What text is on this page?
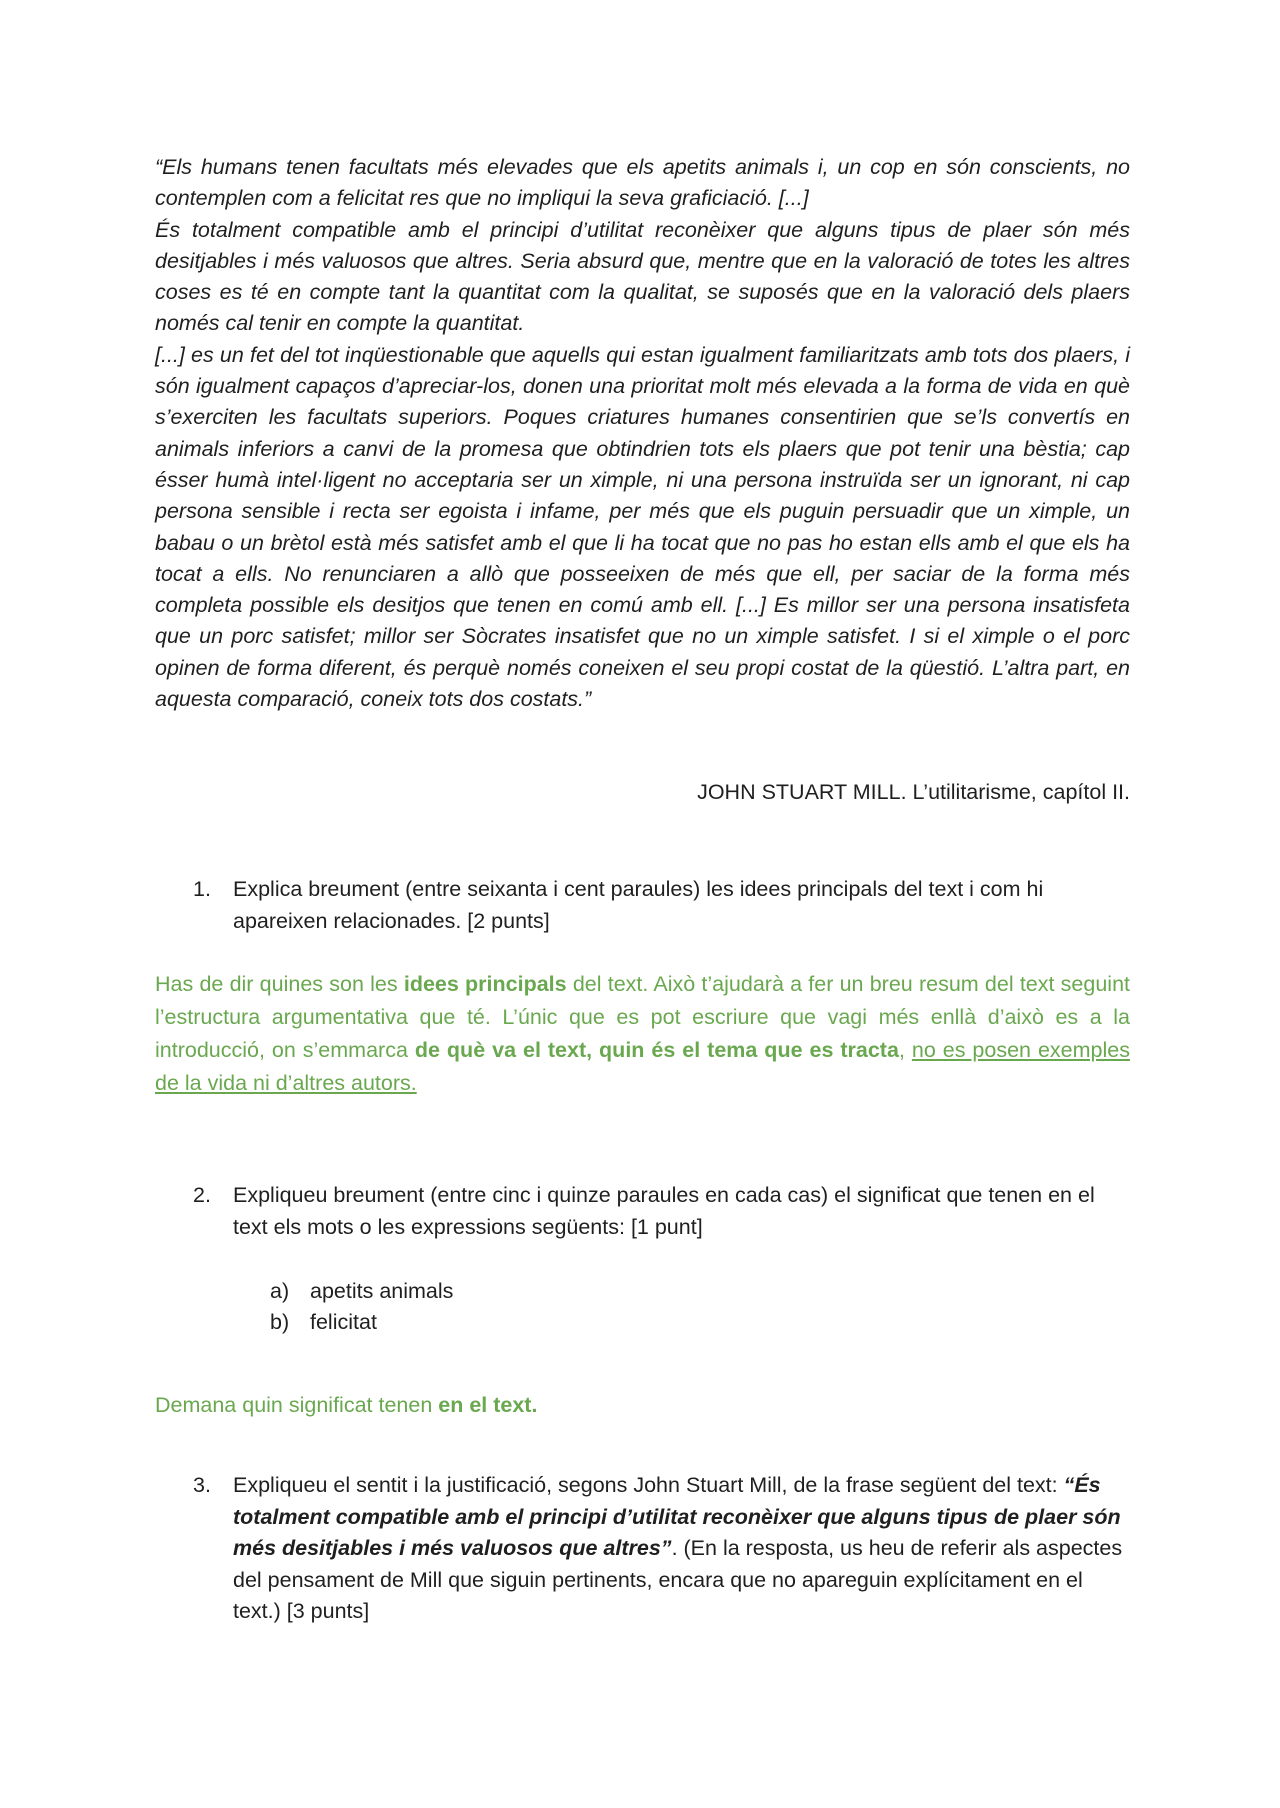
“Els humans tenen facultats més elevades que els apetits animals i, un cop en són conscients, no contemplen com a felicitat res que no impliqui la seva graficiació. [...]

És totalment compatible amb el principi d’utilitat reconèixer que alguns tipus de plaer són més desitjables i més valuosos que altres. Seria absurd que, mentre que en la valoració de totes les altres coses es té en compte tant la quantitat com la qualitat, se suposés que en la valoració dels plaers només cal tenir en compte la quantitat.

[...] es un fet del tot inqüestionable que aquells qui estan igualment familiaritzats amb tots dos plaers, i són igualment capaços d’apreciar-los, donen una prioritat molt més elevada a la forma de vida en què s’exerciten les facultats superiors. Poques criatures humanes consentirien que se’ls convertís en animals inferiors a canvi de la promesa que obtindrien tots els plaers que pot tenir una bèstia; cap ésser humà intel·ligent no acceptaria ser un ximple, ni una persona instruïda ser un ignorant, ni cap persona sensible i recta ser egoista i infame, per més que els puguin persuadir que un ximple, un babau o un brètol està més satisfet amb el que li ha tocat que no pas ho estan ells amb el que els ha tocat a ells. No renunciaren a allò que posseeixen de més que ell, per saciar de la forma més completa possible els desitjos que tenen en comú amb ell. [...] Es millor ser una persona insatisfeta que un porc satisfet; millor ser Sòcrates insatisfet que no un ximple satisfet. I si el ximple o el porc opinen de forma diferent, és perquè només coneixen el seu propi costat de la qüestió. L’altra part, en aquesta comparació, coneix tots dos costats.”

JOHN STUART MILL. L’utilitarisme, capítol II.

1.	Explica breument (entre seixanta i cent paraules) les idees principals del text i com hi apareixen relacionades. [2 punts]

Has de dir quines son les idees principals del text. Això t’ajudarà a fer un breu resum del text seguint l’estructura argumentativa que té. L’únic que es pot escriure que vagi més enllà d’això es a la introducció, on s’emmarca de què va el text, quin és el tema que es tracta, no es posen exemples de la vida ni d’altres autors.

2.	Expliqueu breument (entre cinc i quinze paraules en cada cas) el significat que tenen en el text els mots o les expressions següents: [1 punt]
a) apetits animals
b) felicitat

Demana quin significat tenen en el text.

3.	Expliqueu el sentit i la justificació, segons John Stuart Mill, de la frase següent del text: “És totalment compatible amb el principi d’utilitat reconèixer que alguns tipus de plaer són més desitjables i més valuosos que altres”. (En la resposta, us heu de referir als aspectes del pensament de Mill que siguin pertinents, encara que no apareguin explícitament en el text.) [3 punts]
